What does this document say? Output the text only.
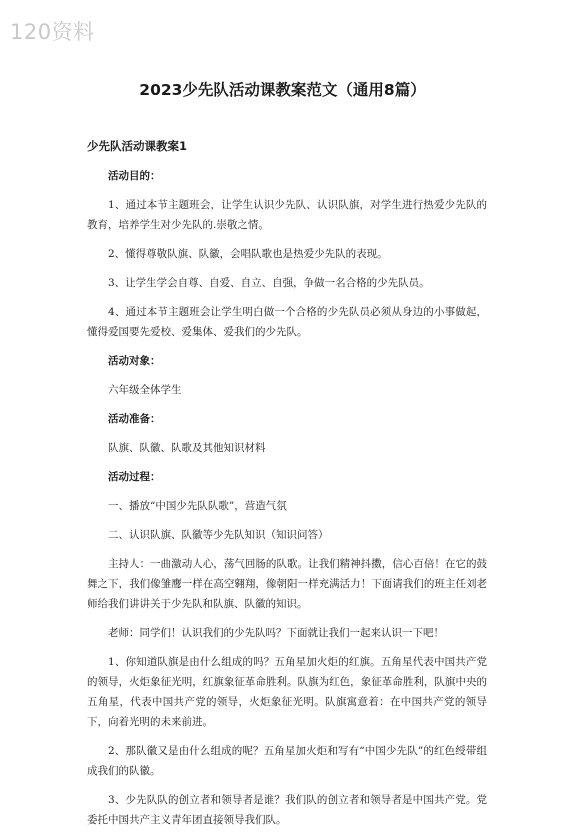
120资料
2023少先队活动课教案范文（通用8篇）
少先队活动课教案1
活动目的：
1、通过本节主题班会，让学生认识少先队、认识队旗，对学生进行热爱少先队的教育，培养学生对少先队的.崇敬之情。
2、懂得尊敬队旗、队徽，会唱队歌也是热爱少先队的表现。
3、让学生学会自尊、自爱、自立、自强，争做一名合格的少先队员。
4、通过本节主题班会让学生明白做一个合格的少先队员必须从身边的小事做起，懂得爱国要先爱校、爱集体、爱我们的少先队。
活动对象：
六年级全体学生
活动准备：
队旗、队徽、队歌及其他知识材料
活动过程：
一、播放“中国少先队队歌”，营造气氛
二、认识队旗、队徽等少先队知识（知识问答）
主持人：一曲激动人心，荡气回肠的队歌。让我们精神抖擞，信心百倍！在它的鼓舞之下，我们像雏鹰一样在高空翱翔，像朝阳一样充满活力！下面请我们的班主任刘老师给我们讲讲关于少先队和队旗、队徽的知识。
老师：同学们！认识我们的少先队吗？下面就让我们一起来认识一下吧！
1、你知道队旗是由什么组成的吗？五角星加火炬的红旗。五角星代表中国共产党的领导，火炬象征光明，红旗象征革命胜利。队旗为红色，象征革命胜利，队旗中央的五角星，代表中国共产党的领导，火炬象征光明。队旗寓意着：在中国共产党的领导下，向着光明的未来前进。
2、那队徽又是由什么组成的呢？五角星加火炬和写有“中国少先队”的红色绶带组成我们的队徽。
3、少先队队的创立者和领导者是谁？我们队的创立者和领导者是中国共产党。党委托中国共产主义青年团直接领导我们队。
